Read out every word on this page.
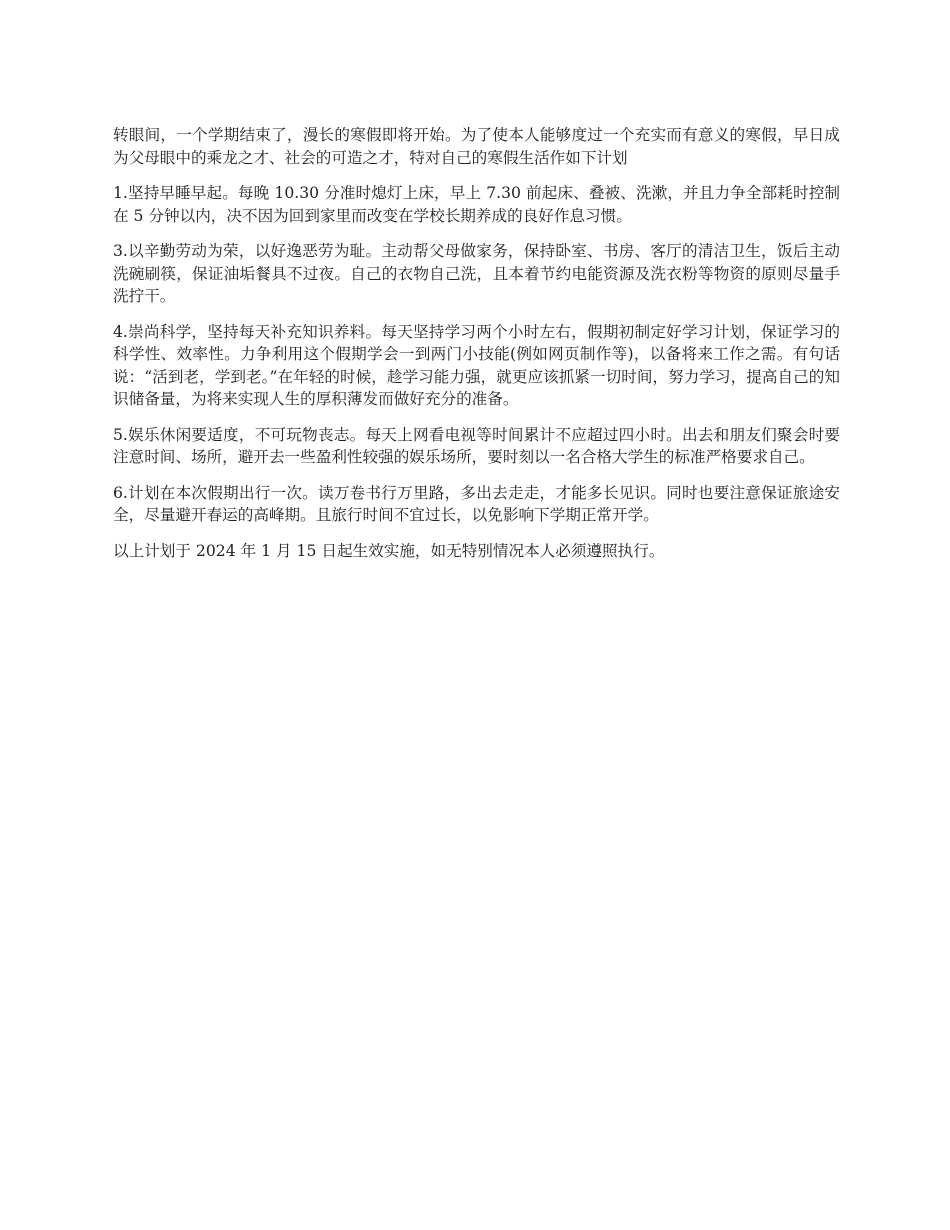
转眼间，一个学期结束了，漫长的寒假即将开始。为了使本人能够度过一个充实而有意义的寒假，早日成为父母眼中的乘龙之才、社会的可造之才，特对自己的寒假生活作如下计划

1.坚持早睡早起。每晚 10.30 分准时熄灯上床，早上 7.30 前起床、叠被、洗漱，并且力争全部耗时控制在 5 分钟以内，决不因为回到家里而改变在学校长期养成的良好作息习惯。

3.以辛勤劳动为荣，以好逸恶劳为耻。主动帮父母做家务，保持卧室、书房、客厅的清洁卫生，饭后主动洗碗刷筷，保证油垢餐具不过夜。自己的衣物自己洗，且本着节约电能资源及洗衣粉等物资的原则尽量手洗拧干。

4.崇尚科学，坚持每天补充知识养料。每天坚持学习两个小时左右，假期初制定好学习计划，保证学习的科学性、效率性。力争利用这个假期学会一到两门小技能(例如网页制作等)，以备将来工作之需。有句话说：“活到老，学到老。”在年轻的时候，趁学习能力强，就更应该抓紧一切时间，努力学习，提高自己的知识储备量，为将来实现人生的厚积薄发而做好充分的准备。

5.娱乐休闲要适度，不可玩物丧志。每天上网看电视等时间累计不应超过四小时。出去和朋友们聚会时要注意时间、场所，避开去一些盈利性较强的娱乐场所，要时刻以一名合格大学生的标准严格要求自己。

6.计划在本次假期出行一次。读万卷书行万里路，多出去走走，才能多长见识。同时也要注意保证旅途安全，尽量避开春运的高峰期。且旅行时间不宜过长，以免影响下学期正常开学。

以上计划于 2024 年 1 月 15 日起生效实施，如无特别情况本人必须遵照执行。
